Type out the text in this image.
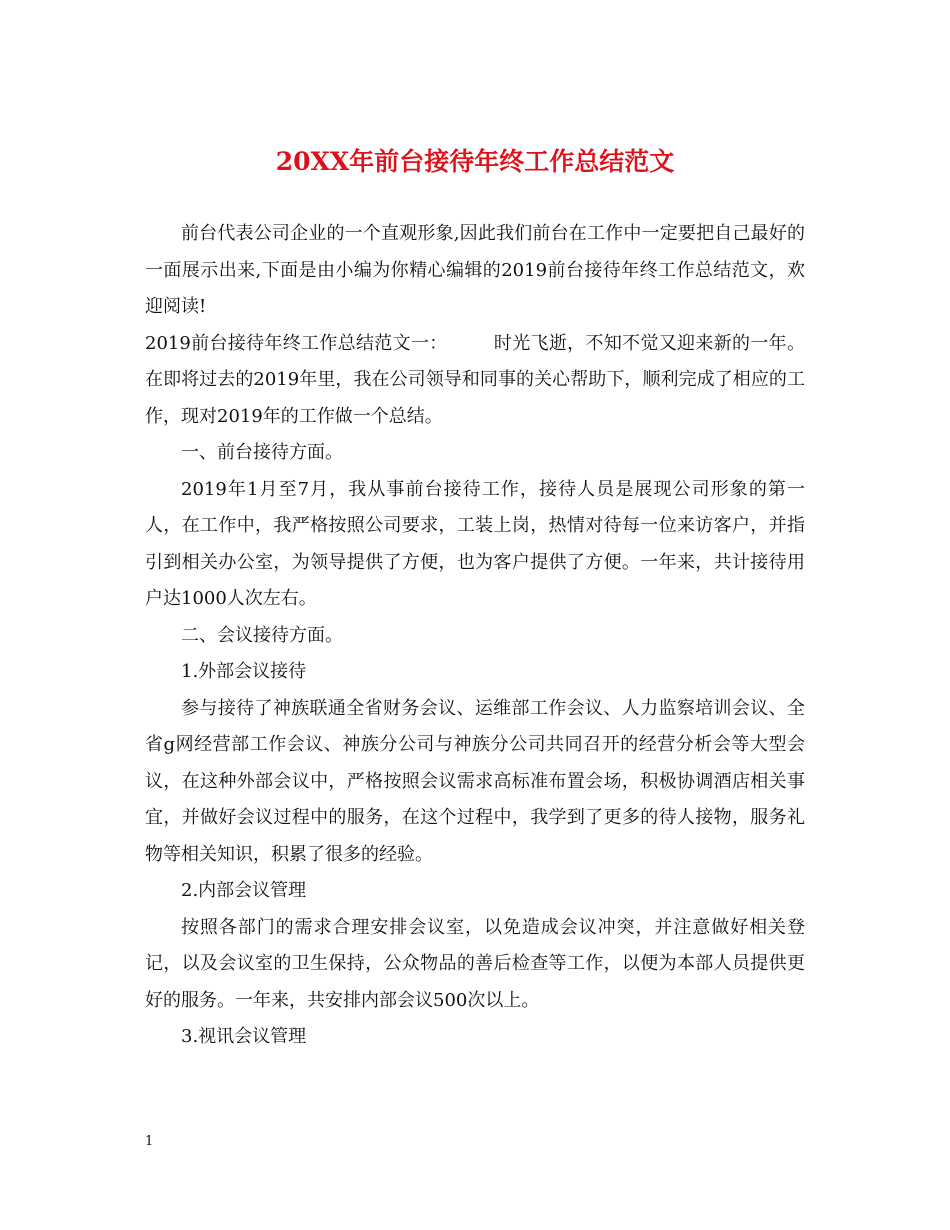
20XX年前台接待年终工作总结范文

前台代表公司企业的一个直观形象,因此我们前台在工作中一定要把自己最好的一面展示出来,下面是由小编为你精心编辑的2019前台接待年终工作总结范文，欢迎阅读!

2019前台接待年终工作总结范文一：	时光飞逝，不知不觉又迎来新的一年。在即将过去的2019年里，我在公司领导和同事的关心帮助下，顺利完成了相应的工作，现对2019年的工作做一个总结。

一、前台接待方面。

2019年1月至7月，我从事前台接待工作，接待人员是展现公司形象的第一人，在工作中，我严格按照公司要求，工装上岗，热情对待每一位来访客户，并指引到相关办公室，为领导提供了方便，也为客户提供了方便。一年来，共计接待用户达1000人次左右。

二、会议接待方面。

1.外部会议接待

参与接待了神族联通全省财务会议、运维部工作会议、人力监察培训会议、全省g网经营部工作会议、神族分公司与神族分公司共同召开的经营分析会等大型会议，在这种外部会议中，严格按照会议需求高标准布置会场，积极协调酒店相关事宜，并做好会议过程中的服务，在这个过程中，我学到了更多的待人接物，服务礼物等相关知识，积累了很多的经验。

2.内部会议管理

按照各部门的需求合理安排会议室，以免造成会议冲突，并注意做好相关登记，以及会议室的卫生保持，公众物品的善后检查等工作，以便为本部人员提供更好的服务。一年来，共安排内部会议500次以上。

3.视讯会议管理

1
